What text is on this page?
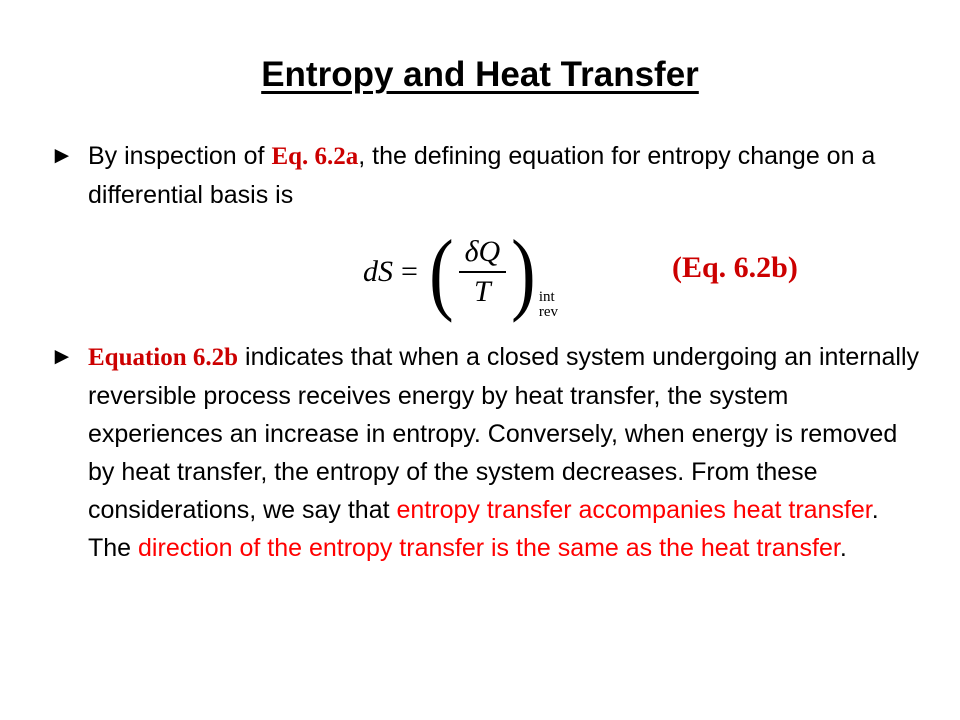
Entropy and Heat Transfer
► By inspection of Eq. 6.2a, the defining equation for entropy change on a differential basis is
dS = ( $\frac{\delta Q}{T}$ ) int
rev
(Eq. 6.2b)
► Equation 6.2b indicates that when a closed system undergoing an internally reversible process receives energy by heat transfer, the system experiences an increase in entropy. Conversely, when energy is removed by heat transfer, the entropy of the system decreases. From these considerations, we say that entropy transfer accompanies heat transfer. The direction of the entropy transfer is the same as the heat transfer.
